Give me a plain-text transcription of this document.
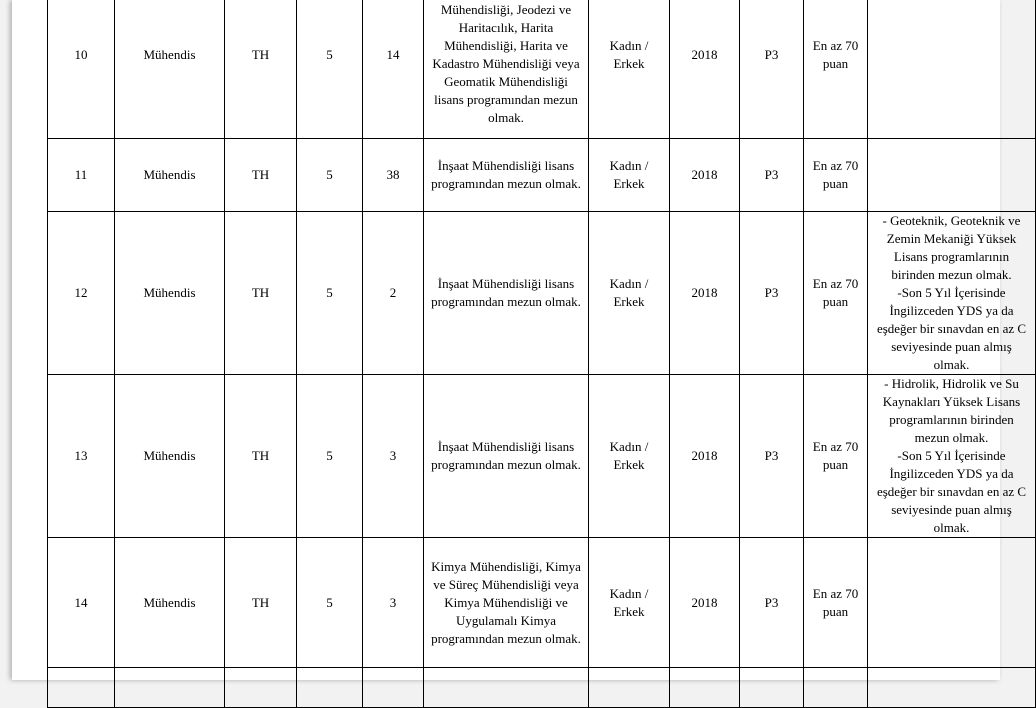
10	Mühendis	TH	5	14	Mühendisliği, Jeodezi ve Haritacılık, Harita Mühendisliği, Harita ve Kadastro Mühendisliği veya Geomatik Mühendisliği lisans programından mezun olmak.	Kadın / Erkek	2018	P3	En az 70 puan	
11	Mühendis	TH	5	38	İnşaat Mühendisliği lisans programından mezun olmak.	Kadın / Erkek	2018	P3	En az 70 puan	
12	Mühendis	TH	5	2	İnşaat Mühendisliği lisans programından mezun olmak.	Kadın / Erkek	2018	P3	En az 70 puan	- Geoteknik, Geoteknik ve Zemin Mekaniği Yüksek Lisans programlarının birinden mezun olmak.
-Son 5 Yıl İçerisinde İngilizceden YDS ya da eşdeğer bir sınavdan en az C seviyesinde puan almış olmak.
13	Mühendis	TH	5	3	İnşaat Mühendisliği lisans programından mezun olmak.	Kadın / Erkek	2018	P3	En az 70 puan	- Hidrolik, Hidrolik ve Su Kaynakları Yüksek Lisans programlarının birinden mezun olmak.
-Son 5 Yıl İçerisinde İngilizceden YDS ya da eşdeğer bir sınavdan en az C seviyesinde puan almış olmak.
14	Mühendis	TH	5	3	Kimya Mühendisliği, Kimya ve Süreç Mühendisliği veya Kimya Mühendisliği ve Uygulamalı Kimya programından mezun olmak.	Kadın / Erkek	2018	P3	En az 70 puan	
